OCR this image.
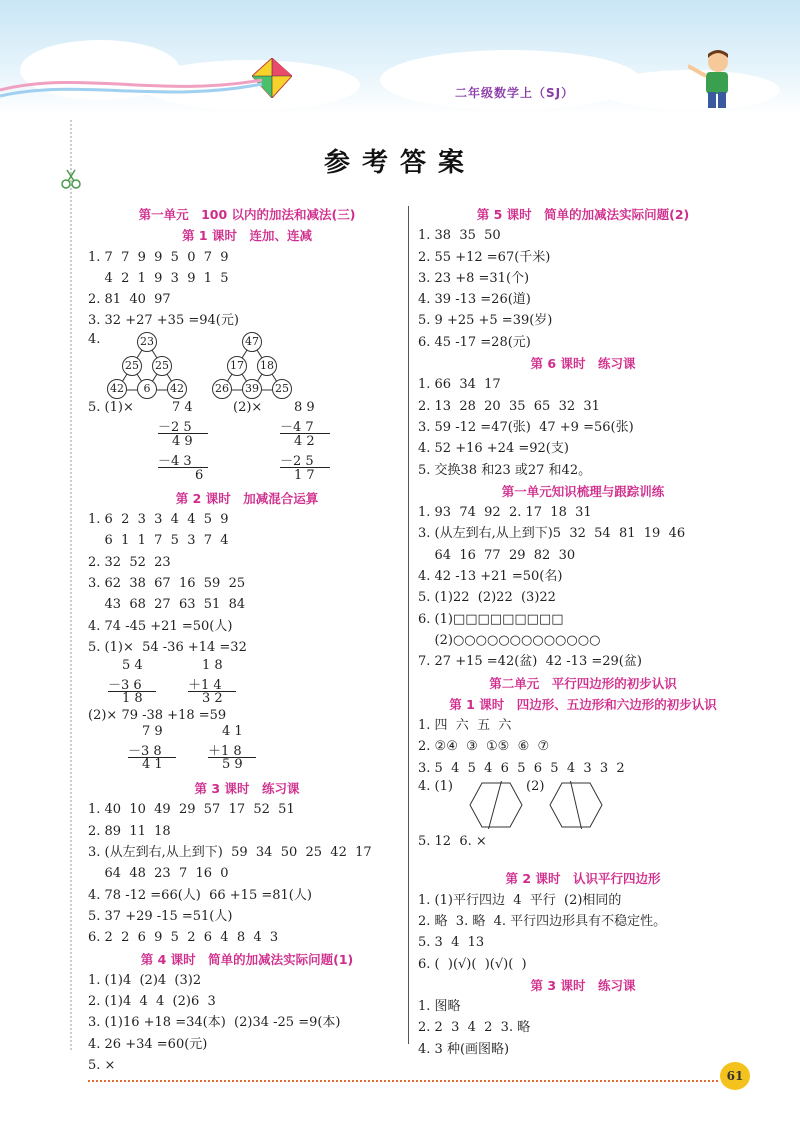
二年级数学上（SJ）
参考答案
第一单元　100 以内的加法和减法(三)
第 1 课时　连加、连减
1. 7  7  9  9  5  0  7  9
4  2  1  9  3  9  1  5
2. 81  40  97
3. 32 +27 +35 =94(元)
4.	23
25 25
42	6	42
47
17 18
26 39 25
5. (1)×	7 4
－2 5
4 9
－4 3
6
(2)× 8 9
－4 7
4 2
－2 5
1 7
第 2 课时　加减混合运算
1. 6  2  3  3  4  4  5  9
6  1  1  7  5  3  7  4
2. 32  52  23
3. 62  38  67  16  59  25
43  68  27  63  51  84
4. 74 -45 +21 =50(人)
5. (1)×  54 -36 +14 =32
5 4
－3 6
1 8
1 8
＋1 4
3 2
(2)× 79 -38 +18 =59
7 9
－3 8
4 1
4 1
＋1 8
5 9
第 3 课时　练习课
1. 40  10  49  29  57  17  52  51
2. 89  11  18
3. (从左到右,从上到下)  59  34  50  25  42  17
64  48  23  7  16  0
4. 78 -12 =66(人)  66 +15 =81(人)
5. 37 +29 -15 =51(人)
6. 2  2  6  9  5  2  6  4  8  4  3
第 4 课时　简单的加减法实际问题(1)
1. (1)4  (2)4  (3)2
2. (1)4  4  4  (2)6  3
3. (1)16 +18 =34(本)  (2)34 -25 =9(本)
4. 26 +34 =60(元)
5. ×
第 5 课时　简单的加减法实际问题(2)
1. 38  35  50
2. 55 +12 =67(千米)
3. 23 +8 =31(个)
4. 39 -13 =26(道)
5. 9 +25 +5 =39(岁)
6. 45 -17 =28(元)
第 6 课时　练习课
1. 66  34  17
2. 13  28  20  35  65  32  31
3. 59 -12 =47(张)  47 +9 =56(张)
4. 52 +16 +24 =92(支)
5. 交换38 和23 或27 和42。
第一单元知识梳理与跟踪训练
1. 93  74  92  2. 17  18  31
3. (从左到右,从上到下)5  32  54  81  19  46
64  16  77  29  82  30
4. 42 -13 +21 =50(名)
5. (1)22  (2)22  (3)22
6. (1)□□□□□□□□□
(2)○○○○○○○○○○○○○
7. 27 +15 =42(盆)  42 -13 =29(盆)
第二单元　平行四边形的初步认识
第 1 课时　四边形、五边形和六边形的初步认识
1. 四  六  五  六
2. ②④  ③  ①⑤  ⑥  ⑦
3. 5  4  5  4  6  5  6  5  4  3  3  2
4. (1)	(2)
5. 12  6. ×
第 2 课时　认识平行四边形
1. (1)平行四边  4  平行  (2)相同的
2. 略  3. 略  4. 平行四边形具有不稳定性。
5. 3  4  13
6. (  )(√)(  )(√)(  )
第 3 课时　练习课
1. 图略
2. 2  3  4  2  3. 略
4. 3 种(画图略)
61
